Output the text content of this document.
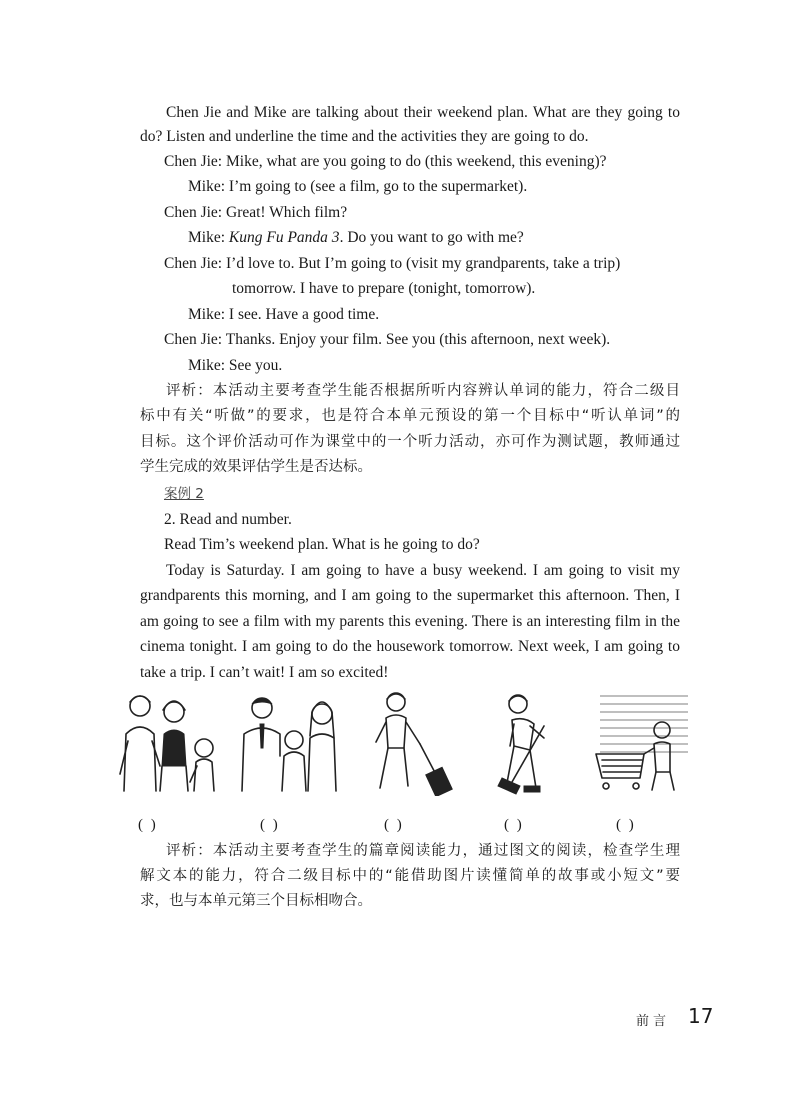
Chen Jie and Mike are talking about their weekend plan. What are they going to
do? Listen and underline the time and the activities they are going to do.
Chen Jie: Mike, what are you going to do (this weekend, this evening)?
Mike: I’m going to (see a film, go to the supermarket).
Chen Jie: Great! Which film?
Mike: Kung Fu Panda 3. Do you want to go with me?
Chen Jie: I’d love to. But I’m going to (visit my grandparents, take a trip)
tomorrow. I have to prepare (tonight, tomorrow).
Mike: I see. Have a good time.
Chen Jie: Thanks. Enjoy your film. See you (this afternoon, next week).
Mike: See you.
评析：本活动主要考查学生能否根据所听内容辨认单词的能力，符合二级目
标中有关“听做”的要求，也是符合本单元预设的第一个目标中“听认单词”的
目标。这个评价活动可作为课堂中的一个听力活动，亦可作为测试题，教师通过
学生完成的效果评估学生是否达标。
案例 2
2. Read and number.
Read Tim’s weekend plan. What is he going to do?
Today is Saturday. I am going to have a busy weekend. I am going to visit my
grandparents this morning, and I am going to the supermarket this afternoon. Then, I
am going to see a film with my parents this evening. There is an interesting film in the
cinema tonight. I am going to do the housework tomorrow. Next week, I am going to
take a trip. I can’t wait! I am so excited!
( )	( )	( )	( )	( )
评析：本活动主要考查学生的篇章阅读能力，通过图文的阅读，检查学生理
解文本的能力，符合二级目标中的“能借助图片读懂简单的故事或小短文”要
求，也与本单元第三个目标相吻合。
前言 17
